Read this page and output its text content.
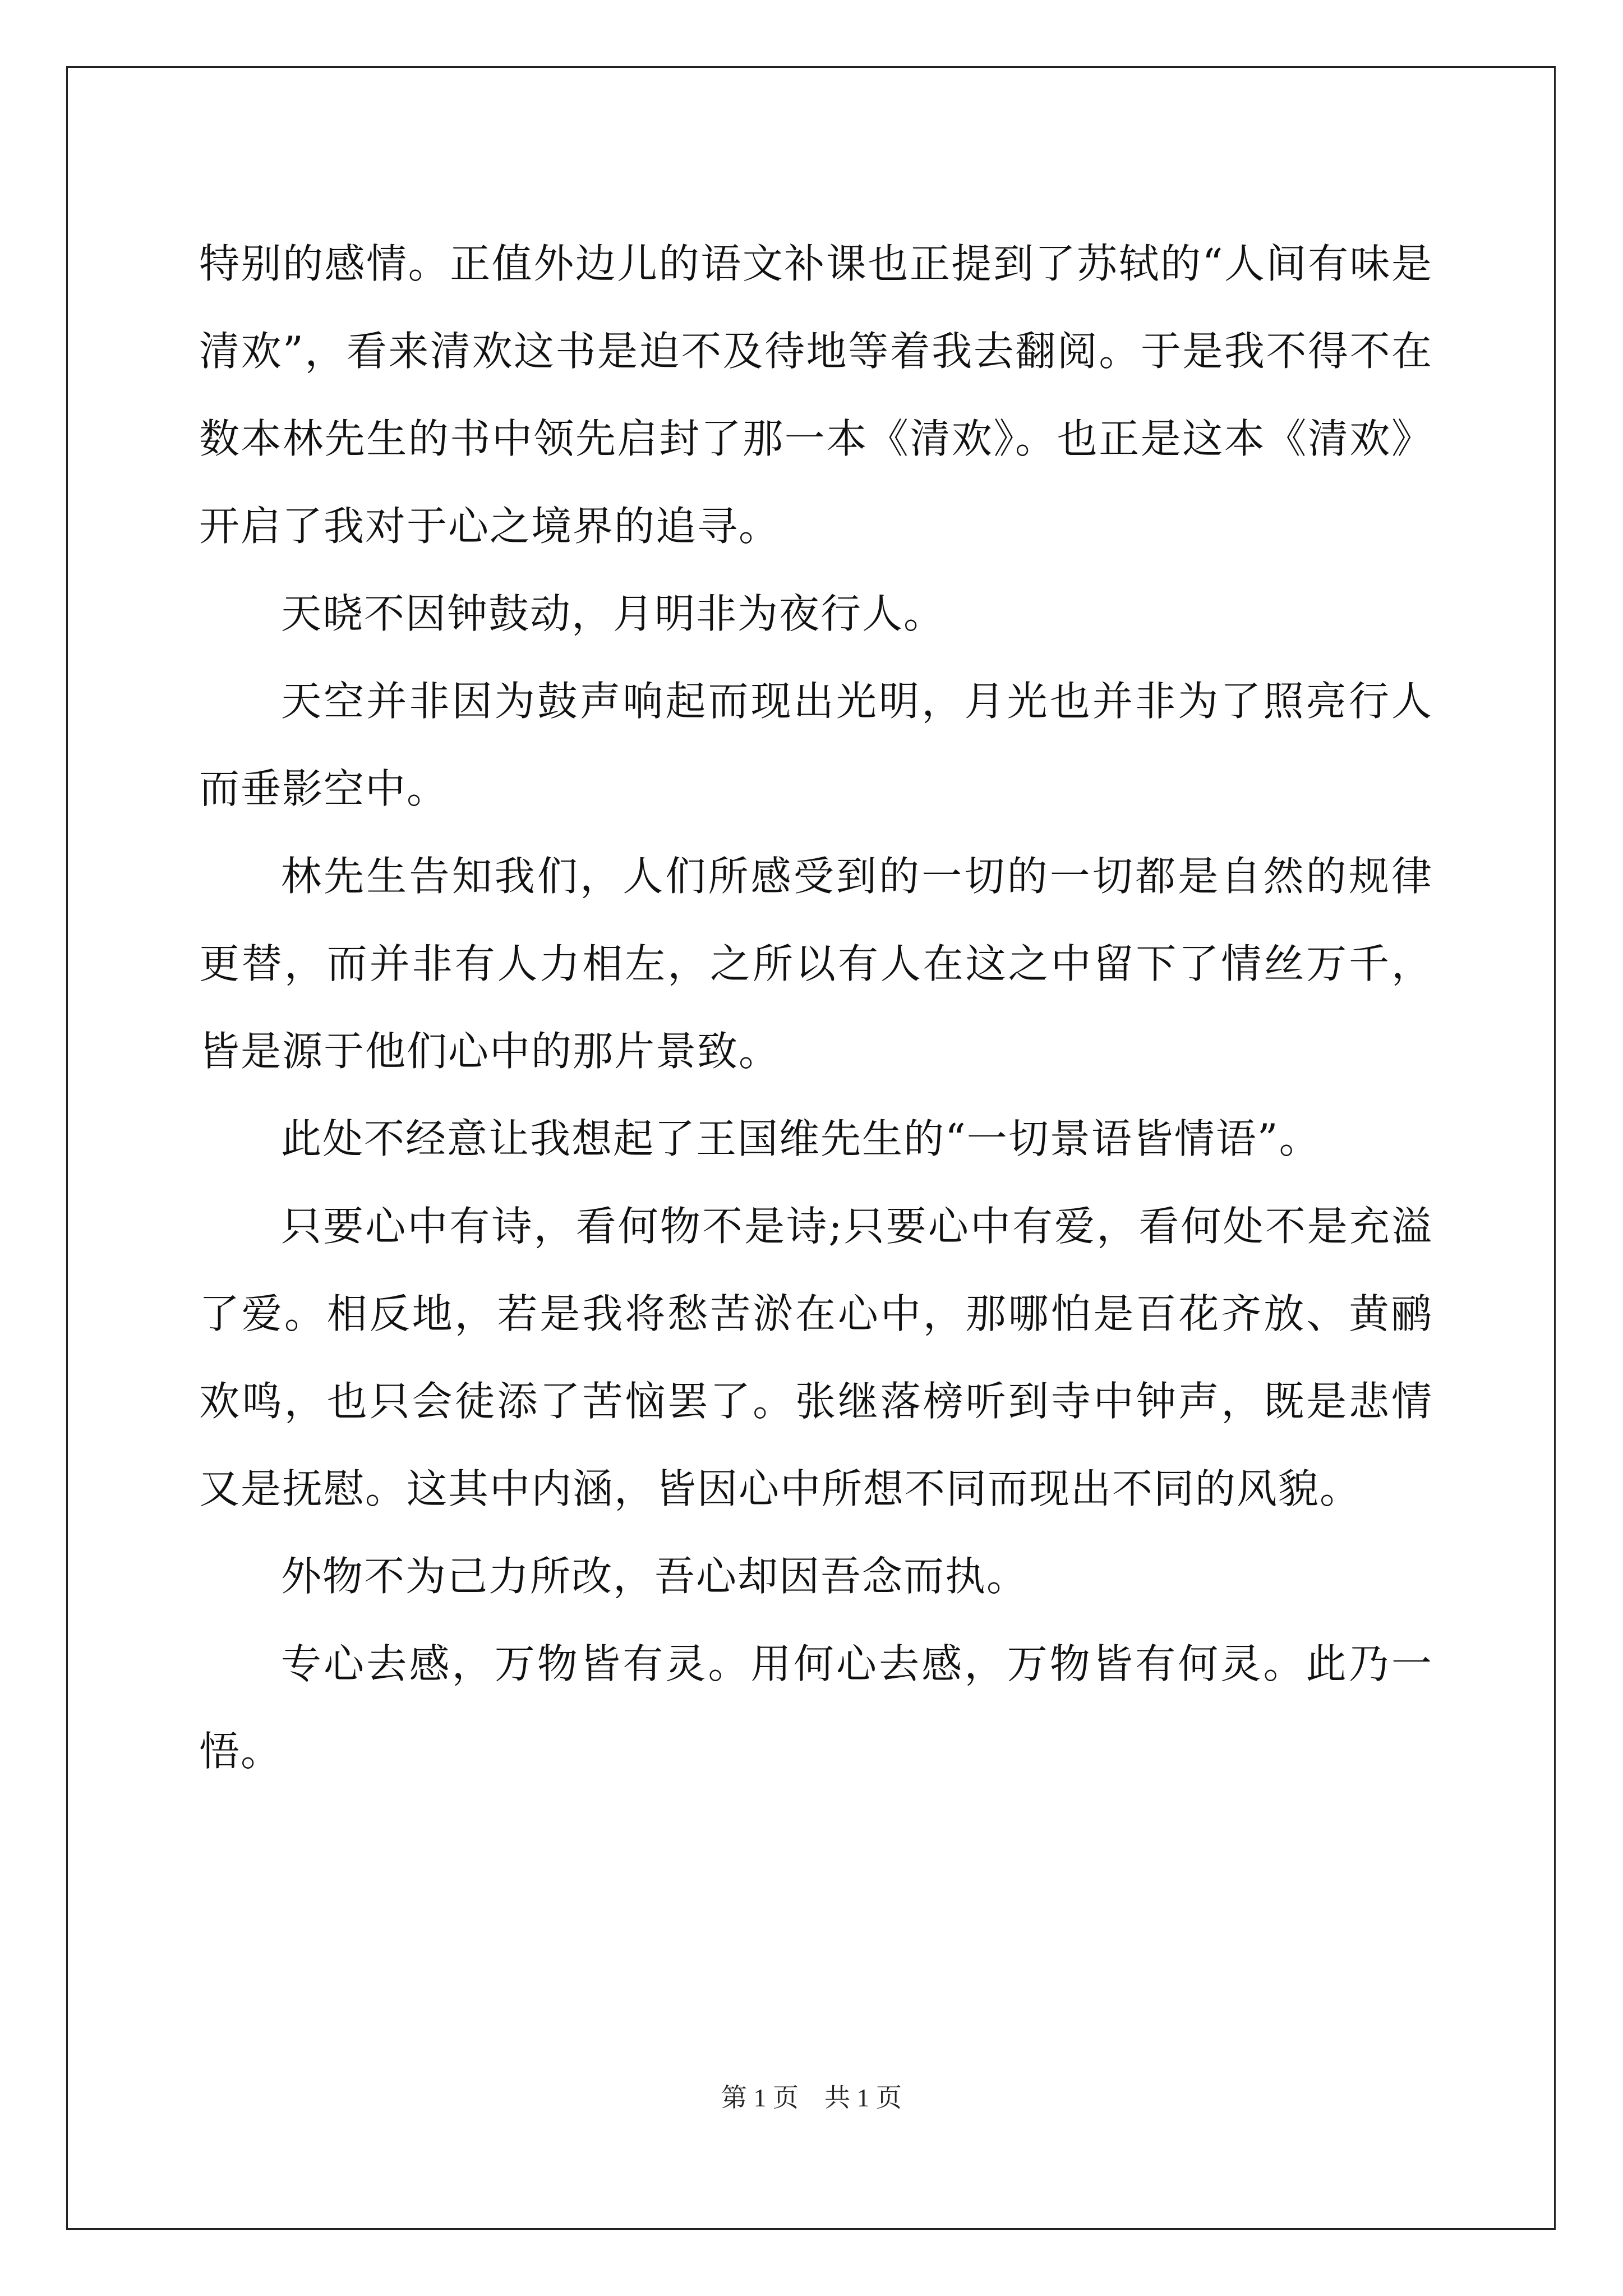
特别的感情。正值外边儿的语文补课也正提到了苏轼的“人间有味是清欢”，看来清欢这书是迫不及待地等着我去翻阅。于是我不得不在数本林先生的书中领先启封了那一本《清欢》。也正是这本《清欢》开启了我对于心之境界的追寻。

天晓不因钟鼓动，月明非为夜行人。

天空并非因为鼓声响起而现出光明，月光也并非为了照亮行人而垂影空中。

林先生告知我们，人们所感受到的一切的一切都是自然的规律更替，而并非有人力相左，之所以有人在这之中留下了情丝万千，皆是源于他们心中的那片景致。

此处不经意让我想起了王国维先生的“一切景语皆情语”。

只要心中有诗，看何物不是诗;只要心中有爱，看何处不是充溢了爱。相反地，若是我将愁苦淤在心中，那哪怕是百花齐放、黄鹂欢鸣，也只会徒添了苦恼罢了。张继落榜听到寺中钟声，既是悲情又是抚慰。这其中内涵，皆因心中所想不同而现出不同的风貌。

外物不为己力所改，吾心却因吾念而执。

专心去感，万物皆有灵。用何心去感，万物皆有何灵。此乃一悟。

第 1 页　共 1 页
